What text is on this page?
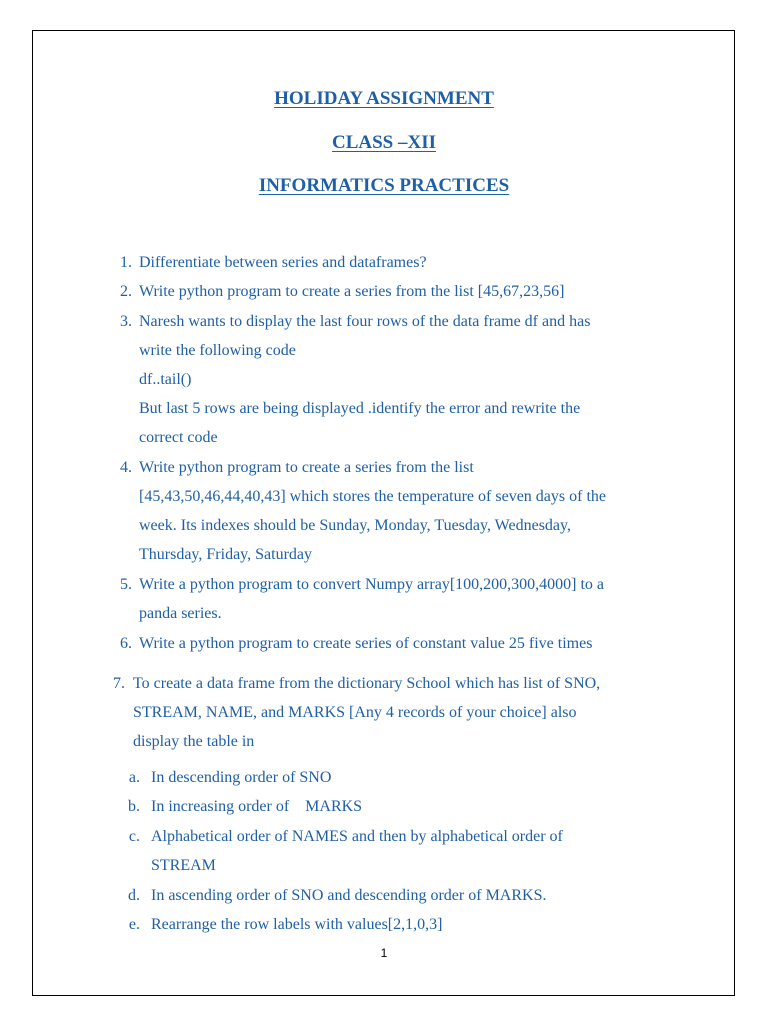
HOLIDAY ASSIGNMENT
CLASS –XII
INFORMATICS PRACTICES
1. Differentiate between series and dataframes?
2. Write python program to create a series from the list [45,67,23,56]
3. Naresh wants to display the last four rows of the data frame df and has
write the following code
df..tail()
But last 5 rows are being displayed .identify the error and rewrite the
correct code
4. Write python program to create a series from the list
[45,43,50,46,44,40,43] which stores the temperature of seven days of the
week. Its indexes should be Sunday, Monday, Tuesday, Wednesday,
Thursday, Friday, Saturday
5. Write a python program to convert Numpy array[100,200,300,4000] to a
panda series.
6. Write a python program to create series of constant value 25 five times
7. To create a data frame from the dictionary School which has list of SNO,
STREAM, NAME, and MARKS [Any 4 records of your choice] also
display the table in
a. In descending order of SNO
b. In increasing order of    MARKS
c. Alphabetical order of NAMES and then by alphabetical order of
STREAM
d. In ascending order of SNO and descending order of MARKS.
e. Rearrange the row labels with values[2,1,0,3]
1
